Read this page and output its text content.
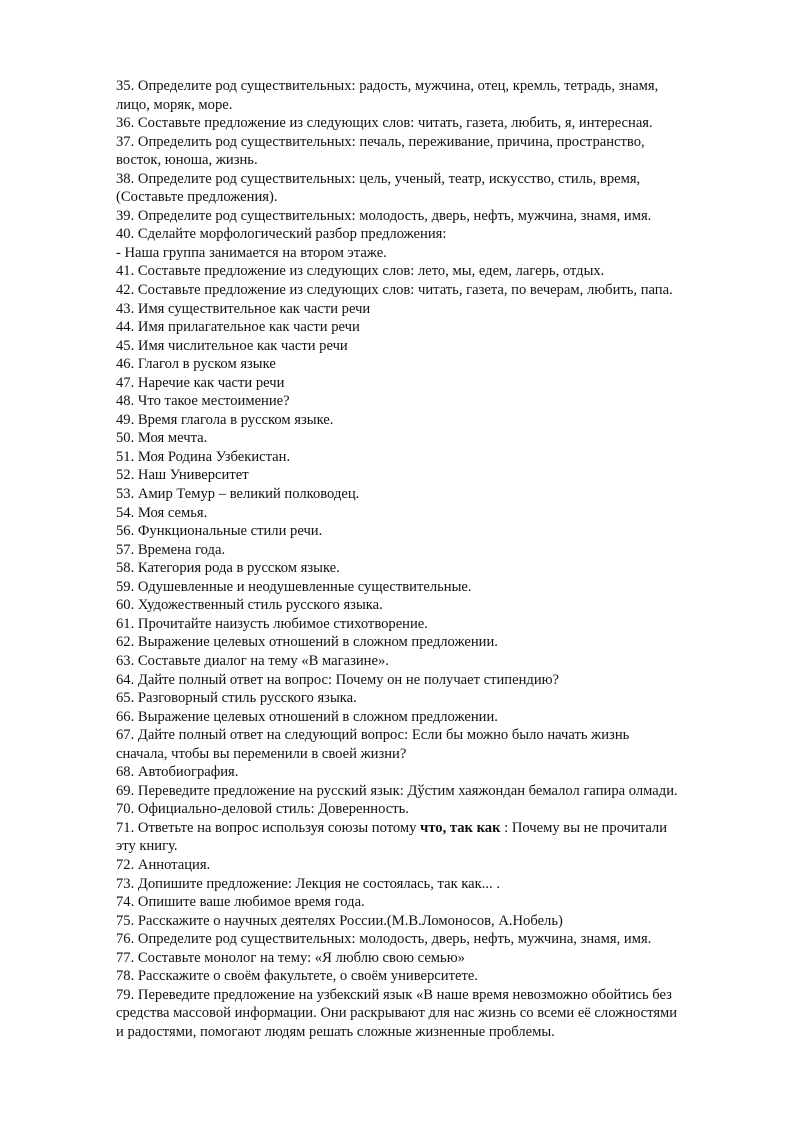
35. Определите род существительных: радость, мужчина, отец, кремль, тетрадь, знамя,
лицо, моряк, море.
36. Составьте предложение из следующих слов: читать, газета, любить, я, интересная.
37. Определить род существительных: печаль, переживание, причина, пространство,
восток, юноша, жизнь.
38. Определите род существительных: цель, ученый, театр, искусство, стиль, время,
(Составьте предложения).
39. Определите род существительных: молодость, дверь, нефть, мужчина, знамя, имя.
40. Сделайте морфологический разбор предложения:
- Наша группа занимается на втором этаже.
41. Составьте предложение из следующих слов: лето, мы, едем, лагерь, отдых.
42. Составьте предложение из следующих слов: читать, газета, по вечерам, любить, папа.
43. Имя существительное как части речи
44. Имя прилагательное как части речи
45. Имя числительное как части речи
46. Глагол в руском языке
47. Наречие как части речи
48. Что такое местоимение?
49. Время глагола в русском языке.
50. Моя мечта.
51. Моя Родина Узбекистан.
52. Наш Университет
53. Амир Темур – великий полководец.
54. Моя семья.
56. Функциональные стили речи.
57. Времена года.
58. Категория рода в русском языке.
59. Одушевленные и неодушевленные существительные.
60. Художественный стиль русского языка.
61. Прочитайте наизусть любимое стихотворение.
62. Выражение целевых отношений в сложном предложении.
63. Составьте диалог на тему «В магазине».
64. Дайте полный ответ на вопрос: Почему он не получает стипендию?
65. Разговорный стиль русского языка.
66. Выражение целевых отношений в сложном предложении.
67. Дайте полный ответ на следующий вопрос: Если бы можно было начать жизнь
сначала, чтобы вы переменили в своей жизни?
68. Автобиография.
69. Переведите предложение на русский язык: Дўстим хаяжондан бемалол гапира олмади.
70. Официально-деловой стиль: Доверенность.
71. Ответьте на вопрос используя союзы потому что, так как : Почему вы не прочитали
эту книгу.
72. Аннотация.
73. Допишите предложение: Лекция не состоялась, так как... .
74. Опишите ваше любимое время года.
75. Расскажите о научных деятелях России.(М.В.Ломоносов, А.Нобель)
76. Определите род существительных: молодость, дверь, нефть, мужчина, знамя, имя.
77. Составьте монолог на тему: «Я люблю свою семью»
78. Расскажите о своём факультете, о своём университете.
79. Переведите предложение на узбекский язык «В наше время невозможно обойтись без
средства массовой информации. Они раскрывают для нас жизнь со всеми её сложностями
и радостями, помогают людям решать сложные жизненные проблемы.
